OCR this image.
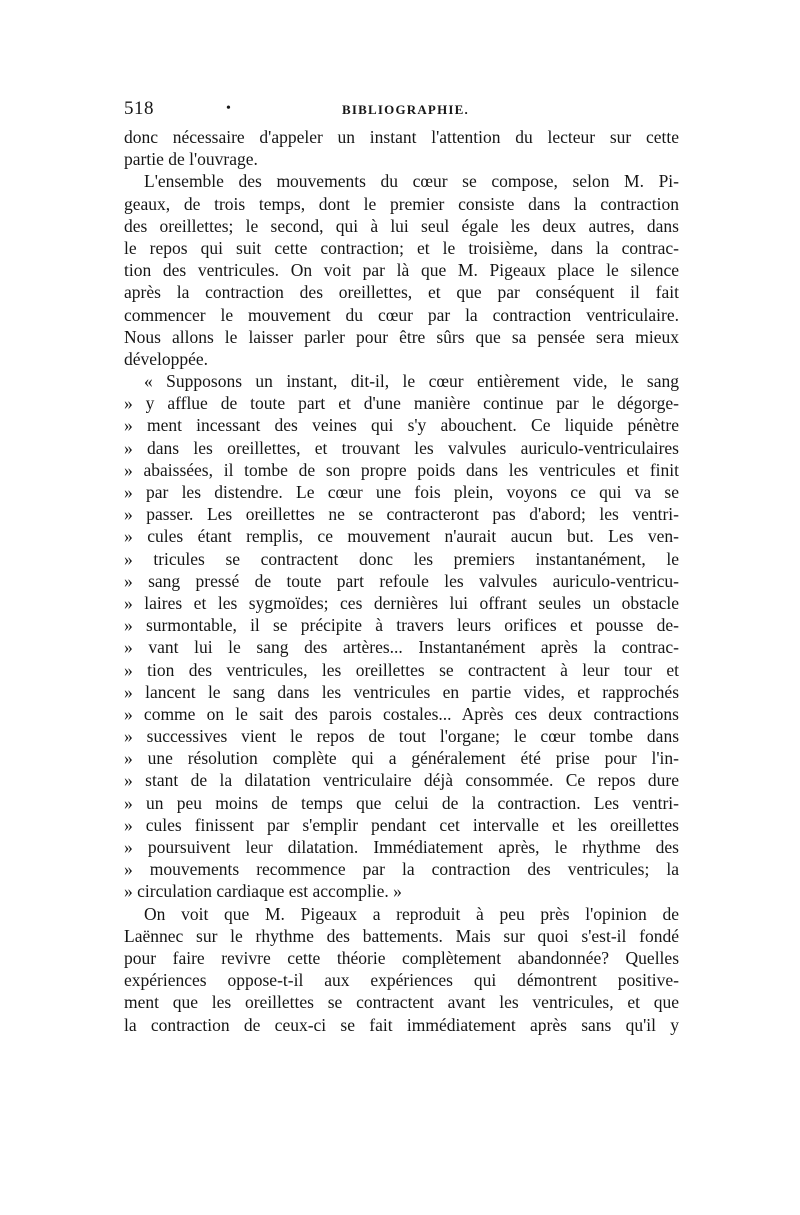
518	•	BIBLIOGRAPHIE.
donc nécessaire d'appeler un instant l'attention du lecteur sur cette
partie de l'ouvrage.
L'ensemble des mouvements du cœur se compose, selon M. Pi-
geaux, de trois temps, dont le premier consiste dans la contraction
des oreillettes; le second, qui à lui seul égale les deux autres, dans
le repos qui suit cette contraction; et le troisième, dans la contrac-
tion des ventricules. On voit par là que M. Pigeaux place le silence
après la contraction des oreillettes, et que par conséquent il fait
commencer le mouvement du cœur par la contraction ventriculaire.
Nous allons le laisser parler pour être sûrs que sa pensée sera mieux
développée.
« Supposons un instant, dit-il, le cœur entièrement vide, le sang
» y afflue de toute part et d'une manière continue par le dégorge-
» ment incessant des veines qui s'y abouchent. Ce liquide pénètre
» dans les oreillettes, et trouvant les valvules auriculo-ventriculaires
» abaissées, il tombe de son propre poids dans les ventricules et finit
» par les distendre. Le cœur une fois plein, voyons ce qui va se
» passer. Les oreillettes ne se contracteront pas d'abord; les ventri-
» cules étant remplis, ce mouvement n'aurait aucun but. Les ven-
» tricules se contractent donc les premiers instantanément, le
» sang pressé de toute part refoule les valvules auriculo-ventricu-
» laires et les sygmoïdes; ces dernières lui offrant seules un obstacle
» surmontable, il se précipite à travers leurs orifices et pousse de-
» vant lui le sang des artères... Instantanément après la contrac-
» tion des ventricules, les oreillettes se contractent à leur tour et
» lancent le sang dans les ventricules en partie vides, et rapprochés
» comme on le sait des parois costales... Après ces deux contractions
» successives vient le repos de tout l'organe; le cœur tombe dans
» une résolution complète qui a généralement été prise pour l'in-
» stant de la dilatation ventriculaire déjà consommée. Ce repos dure
» un peu moins de temps que celui de la contraction. Les ventri-
» cules finissent par s'emplir pendant cet intervalle et les oreillettes
» poursuivent leur dilatation. Immédiatement après, le rhythme des
» mouvements recommence par la contraction des ventricules; la
» circulation cardiaque est accomplie. »
On voit que M. Pigeaux a reproduit à peu près l'opinion de
Laënnec sur le rhythme des battements. Mais sur quoi s'est-il fondé
pour faire revivre cette théorie complètement abandonnée? Quelles
expériences oppose-t-il aux expériences qui démontrent positive-
ment que les oreillettes se contractent avant les ventricules, et que
la contraction de ceux-ci se fait immédiatement après sans qu'il y
